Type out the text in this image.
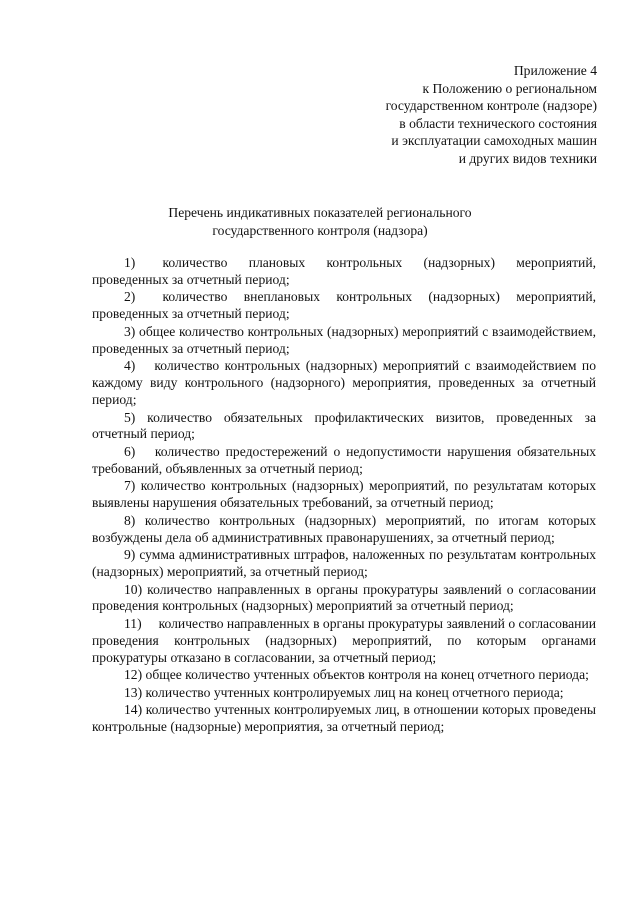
Приложение 4
к Положению о региональном
государственном контроле (надзоре)
в области технического состояния
и эксплуатации самоходных машин
и других видов техники
Перечень индикативных показателей регионального
государственного контроля (надзора)

1)  количество плановых контрольных (надзорных) мероприятий, проведенных за отчетный период;

2)  количество внеплановых контрольных (надзорных) мероприятий, проведенных за отчетный период;

3) общее количество контрольных (надзорных) мероприятий с взаимодействием, проведенных за отчетный период;

4)  количество контрольных (надзорных) мероприятий с взаимодействием по каждому виду контрольного (надзорного) мероприятия, проведенных за отчетный период;

5) количество обязательных профилактических визитов, проведенных за отчетный период;

6)  количество предостережений о недопустимости нарушения обязательных требований, объявленных за отчетный период;

7) количество контрольных (надзорных) мероприятий, по результатам которых выявлены нарушения обязательных требований, за отчетный период;

8) количество контрольных (надзорных) мероприятий, по итогам которых возбуждены дела об административных правонарушениях, за отчетный период;

9) сумма административных штрафов, наложенных по результатам контрольных (надзорных) мероприятий, за отчетный период;

10) количество направленных в органы прокуратуры заявлений о согласовании проведения контрольных (надзорных) мероприятий за отчетный период;

11)  количество направленных в органы прокуратуры заявлений о согласовании проведения контрольных (надзорных) мероприятий, по которым органами прокуратуры отказано в согласовании, за отчетный период;

12) общее количество учтенных объектов контроля на конец отчетного периода;

13) количество учтенных контролируемых лиц на конец отчетного периода;

14) количество учтенных контролируемых лиц, в отношении которых проведены контрольные (надзорные) мероприятия, за отчетный период;
